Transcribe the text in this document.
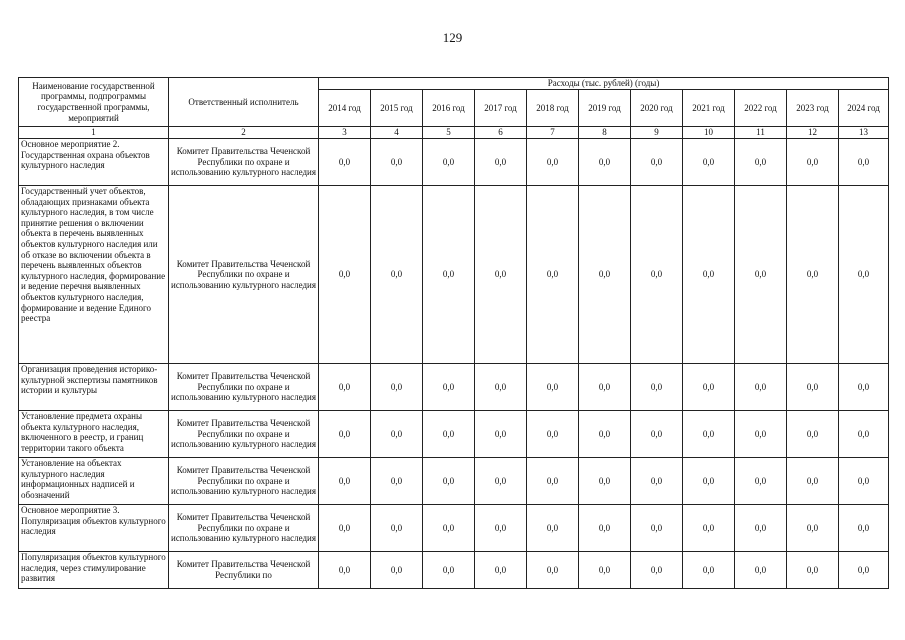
129
Наименование государственной программы, подпрограммы государственной программы, мероприятий	Ответственный исполнитель	Расходы (тыс. рублей) (годы)										
		2014 год	2015 год	2016 год	2017 год	2018 год	2019 год	2020 год	2021 год	2022 год	2023 год	2024 год
1	2	3	4	5	6	7	8	9	10	11	12	13
Основное мероприятие 2. Государственная охрана объектов культурного наследия	Комитет Правительства Чеченской Республики по охране и использованию культурного наследия	0,0	0,0	0,0	0,0	0,0	0,0	0,0	0,0	0,0	0,0	0,0
Государственный учет объектов, обладающих признаками объекта культурного наследия, в том числе принятие решения о включении объекта в перечень выявленных объектов культурного наследия или об отказе во включении объекта в перечень выявленных объектов культурного наследия, формирование и ведение перечня выявленных объектов культурного наследия, формирование и ведение Единого реестра	Комитет Правительства Чеченской Республики по охране и использованию культурного наследия	0,0	0,0	0,0	0,0	0,0	0,0	0,0	0,0	0,0	0,0	0,0
Организация проведения историко-культурной экспертизы памятников истории и культуры	Комитет Правительства Чеченской Республики по охране и использованию культурного наследия	0,0	0,0	0,0	0,0	0,0	0,0	0,0	0,0	0,0	0,0	0,0
Установление предмета охраны объекта культурного наследия, включенного в реестр, и границ территории такого объекта	Комитет Правительства Чеченской Республики по охране и использованию культурного наследия	0,0	0,0	0,0	0,0	0,0	0,0	0,0	0,0	0,0	0,0	0,0
Установление на объектах культурного наследия информационных надписей и обозначений	Комитет Правительства Чеченской Республики по охране и использованию культурного наследия	0,0	0,0	0,0	0,0	0,0	0,0	0,0	0,0	0,0	0,0	0,0
Основное мероприятие 3. Популяризация объектов культурного наследия	Комитет Правительства Чеченской Республики по охране и использованию культурного наследия	0,0	0,0	0,0	0,0	0,0	0,0	0,0	0,0	0,0	0,0	0,0
Популяризация объектов культурного наследия, через стимулирование развития	Комитет Правительства Чеченской Республики по	0,0	0,0	0,0	0,0	0,0	0,0	0,0	0,0	0,0	0,0	0,0
